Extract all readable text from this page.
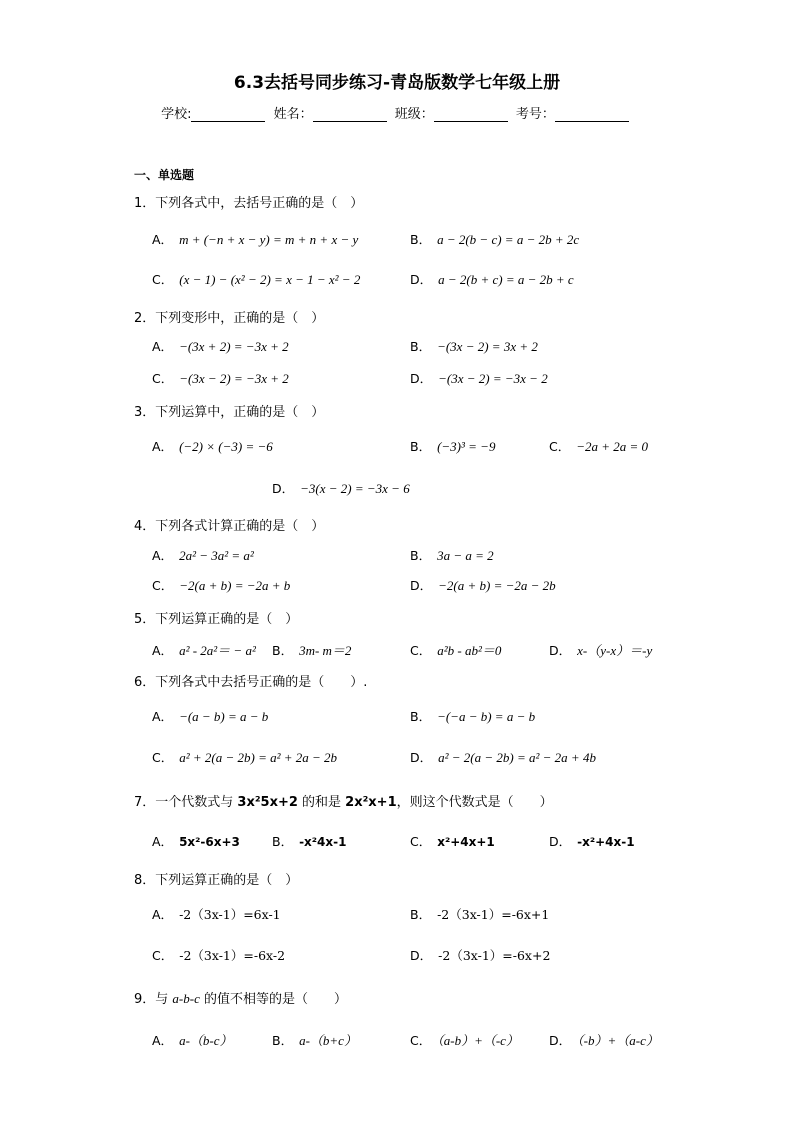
6.3去括号同步练习-青岛版数学七年级上册
学校:	姓名：	班级：	考号：
一、单选题
1．下列各式中，去括号正确的是（　）
A． m + (−n + x − y) = m + n + x − y	B． a − 2(b − c) = a − 2b + 2c
C． (x − 1) − (x² − 2) = x − 1 − x² − 2	D． a − 2(b + c) = a − 2b + c
2．下列变形中，正确的是（　）
A． −(3x + 2) = −3x + 2	B． −(3x − 2) = 3x + 2
C． −(3x − 2) = −3x + 2	D． −(3x − 2) = −3x − 2
3．下列运算中，正确的是（　）
A． (−2) × (−3) = −6	B． (−3)³ = −9	C． −2a + 2a = 0
D． −3(x − 2) = −3x − 6
4．下列各式计算正确的是（　）
A． 2a² − 3a² = a²	B． 3a − a = 2
C． −2(a + b) = −2a + b	D． −2(a + b) = −2a − 2b
5．下列运算正确的是（　）
A． a² - 2a²＝ − a² B． 3m- m＝2	C． a²b - ab²＝0	D． x-（y-x）＝-y
6．下列各式中去括号正确的是（　　）.
A． −(a − b) = a − b	B． −(−a − b) = a − b
C． a² + 2(a − 2b) = a² + 2a − 2b	D． a² − 2(a − 2b) = a² − 2a + 4b
7．一个代数式与 3x²5x+2 的和是 2x²x+1，则这个代数式是（　　）
A． 5x²-6x+3	B． -x²4x-1	C． x²+4x+1	D． -x²+4x-1
8．下列运算正确的是（　）
A． -2（3x-1）=6x-1	B． -2（3x-1）=-6x+1
C． -2（3x-1）=-6x-2	D． -2（3x-1）=-6x+2
9．与 a-b-c 的值不相等的是（　　）
A． a-（b-c）	B． a-（b+c）	C． （a-b）+（-c） D． （-b）+（a-c）
